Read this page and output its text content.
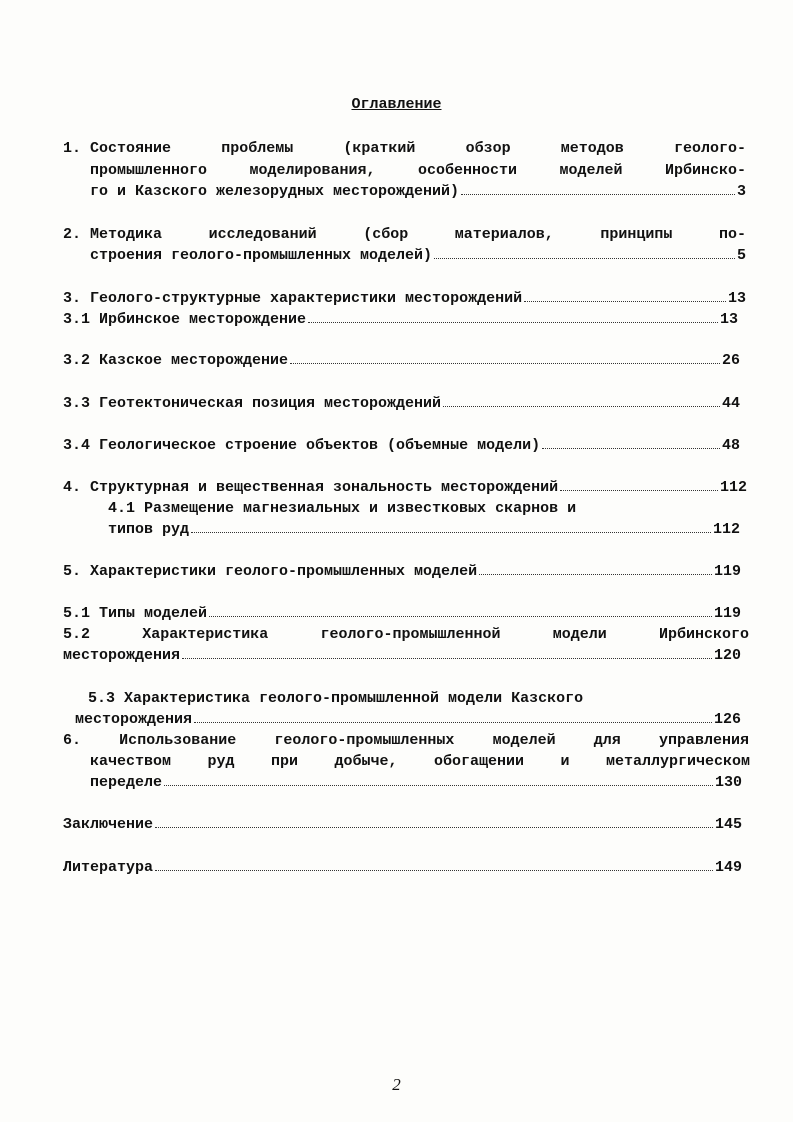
Оглавление
1. Состояние проблемы (краткий обзор методов геолого-
промышленного моделирования, особенности моделей Ирбинско-
го и Казского железорудных месторождений)	3
2. Методика исследований (сбор материалов, принципы по-
строения геолого-промышленных моделей)	5
3. Геолого-структурные характеристики месторождений	13
3.1 Ирбинское месторождение	13
3.2 Казское месторождение	26
3.3 Геотектоническая позиция месторождений	44
3.4 Геологическое строение объектов (объемные модели)	48
4. Структурная и вещественная зональность месторождений	112
4.1 Размещение магнезиальных и известковых скарнов и
типов руд	112
5. Характеристики геолого-промышленных моделей	119
5.1 Типы моделей	119
5.2 Характеристика геолого-промышленной модели Ирбинского
месторождения	120
5.3 Характеристика геолого-промышленной модели Казского
месторождения	126
6. Использование геолого-промышленных моделей для управления
качеством руд при добыче, обогащении и металлургическом
переделе	130
Заключение	145
Литература	149
2
